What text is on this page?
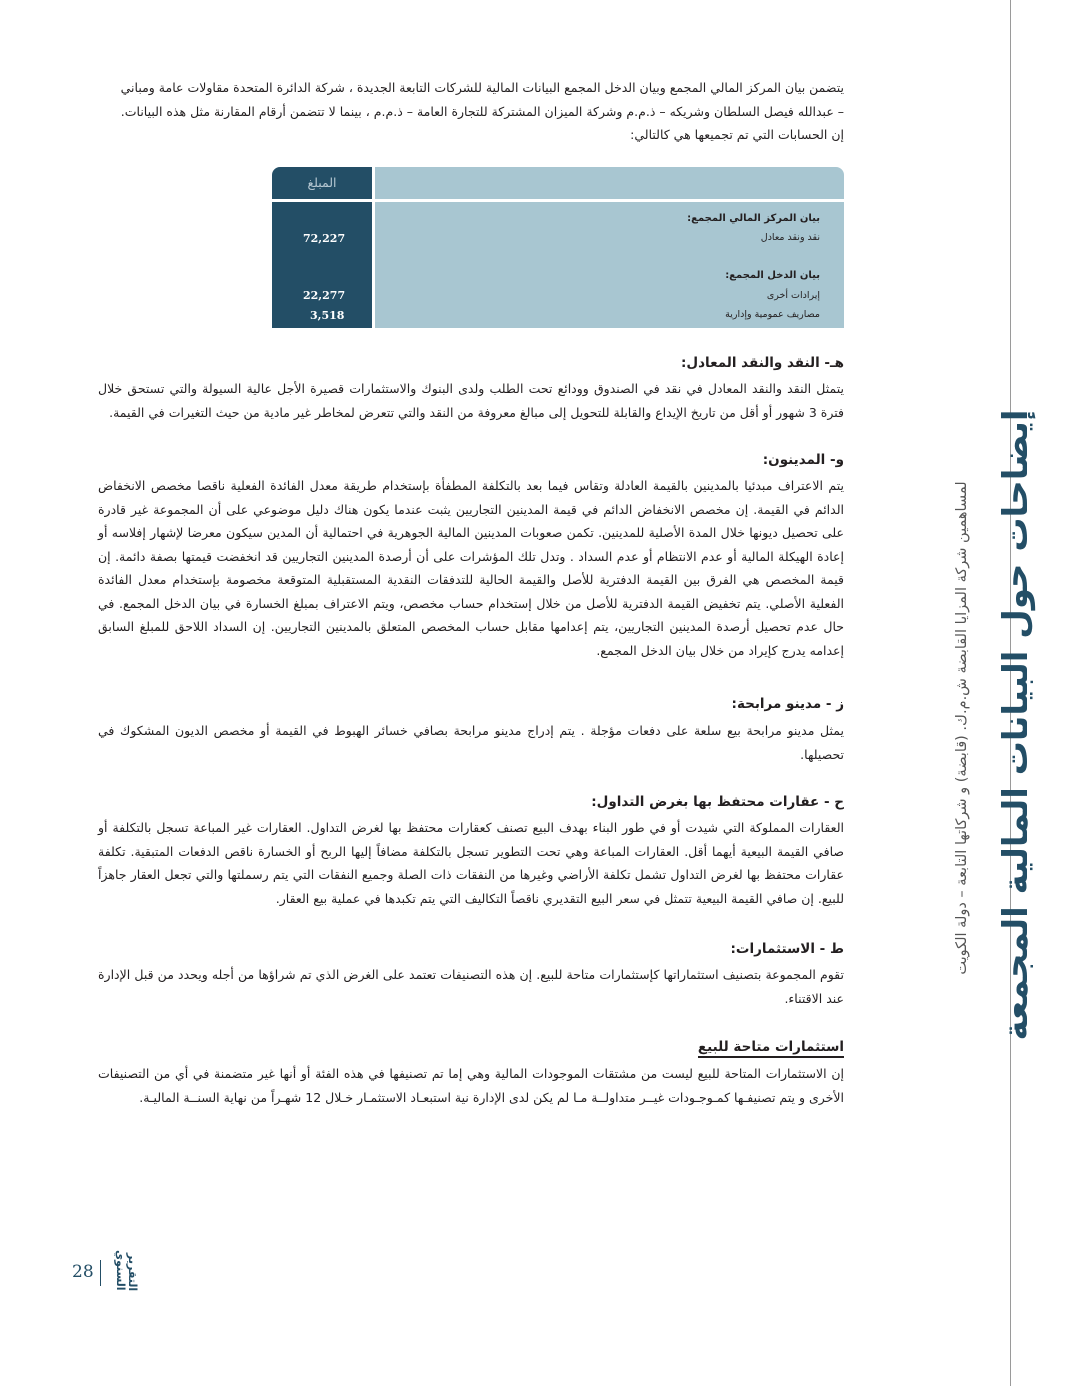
يتضمن بيان المركز المالي المجمع وبيان الدخل المجمع البيانات المالية للشركات التابعة الجديدة ، شركة الدائرة المتحدة مقاولات عامة ومباني

– عبدالله فيصل السلطان وشريكه – ذ.م.م وشركة الميزان المشتركة للتجارة العامة – ذ.م.م ، بينما لا تتضمن أرقام المقارنة مثل هذه البيانات.

إن الحسابات التي تم تجميعها هي كالتالي:

المبلغ
بيان المركز المالي المجمع:
نقد ونقد معادل
72,227
بيان الدخل المجمع:
إيرادات أخرى
22,277
مصاريف عمومية وإدارية
3,518
هـ- النقد والنقد المعادل:

يتمثل النقد والنقد المعادل في نقد في الصندوق وودائع تحت الطلب ولدى البنوك والاستثمارات قصيرة الأجل عالية السيولة والتي تستحق خلال فترة 3 شهور أو أقل من تاريخ الإيداع والقابلة للتحويل إلى مبالغ معروفة من النقد والتي تتعرض لمخاطر غير مادية من حيث التغيرات في القيمة.

و- المدينون:

يتم الاعتراف مبدئيا بالمدينين بالقيمة العادلة وتقاس فيما بعد بالتكلفة المطفأة بإستخدام طريقة معدل الفائدة الفعلية ناقصا مخصص الانخفاض الدائم في القيمة. إن مخصص الانخفاض الدائم في قيمة المدينين التجاريين يثبت عندما يكون هناك دليل موضوعي على أن المجموعة غير قادرة على تحصيل ديونها خلال المدة الأصلية للمدينين. تكمن صعوبات المدينين المالية الجوهرية في احتمالية أن المدين سيكون معرضا لإشهار إفلاسه أو إعادة الهيكلة المالية أو عدم الانتظام أو عدم السداد . وتدل تلك المؤشرات على أن أرصدة المدينين التجاريين قد انخفضت قيمتها بصفة دائمة. إن قيمة المخصص هي الفرق بين القيمة الدفترية للأصل والقيمة الحالية للتدفقات النقدية المستقبلية المتوقعة مخصومة بإستخدام معدل الفائدة الفعلية الأصلي. يتم تخفيض القيمة الدفترية للأصل من خلال إستخدام حساب مخصص، ويتم الاعتراف بمبلغ الخسارة في بيان الدخل المجمع. في حال عدم تحصيل أرصدة المدينين التجاريين، يتم إعدامها مقابل حساب المخصص المتعلق بالمدينين التجاريين. إن السداد اللاحق للمبلغ السابق إعدامه يدرج كإيراد من خلال بيان الدخل المجمع.

ز - مدينو مرابحة:

يمثل مدينو مرابحة بيع سلعة على دفعات مؤجلة . يتم إدراج مدينو مرابحة بصافي خسائر الهبوط في القيمة أو مخصص الديون المشكوك في تحصيلها.

ح - عقارات محتفظ بها بغرض التداول:

العقارات المملوكة التي شيدت أو في طور البناء بهدف البيع تصنف كعقارات محتفظ بها لغرض التداول. العقارات غير المباعة تسجل بالتكلفة أو صافي القيمة البيعية أيهما أقل. العقارات المباعة وهي تحت التطوير تسجل بالتكلفة مضافاً إليها الربح أو الخسارة ناقص الدفعات المتبقية. تكلفة عقارات محتفظ بها لغرض التداول تشمل تكلفة الأراضي وغيرها من النفقات ذات الصلة وجميع النفقات التي يتم رسملتها والتي تجعل العقار جاهزاً للبيع. إن صافي القيمة البيعية تتمثل في سعر البيع التقديري ناقصاً التكاليف التي يتم تكبدها في عملية بيع العقار.

ط - الاستثمارات:

تقوم المجموعة بتصنيف استثماراتها كإستثمارات متاحة للبيع. إن هذه التصنيفات تعتمد على الغرض الذي تم شراؤها من أجله ويحدد من قبل الإدارة عند الاقتناء.

استثمارات متاحة للبيع

إن الاستثمارات المتاحة للبيع ليست من مشتقات الموجودات المالية وهي إما تم تصنيفها في هذه الفئة أو أنها غير متضمنة في أي من التصنيفات الأخرى و يتم تصنيفـها كمـوجـودات غيــر متداولــة مـا لم يكن لدى الإدارة نية استبعـاد الاستثمـار خـلال 12 شهـراً من نهاية السنــة الماليـة.

إيضاحات حول البيانات المالية المجمعة
لمساهمين شركة المزايا القابضة ش.م.ك. (قابضة) و شركاتها التابعة – دولة الكويت
28	التقرير السنوي
